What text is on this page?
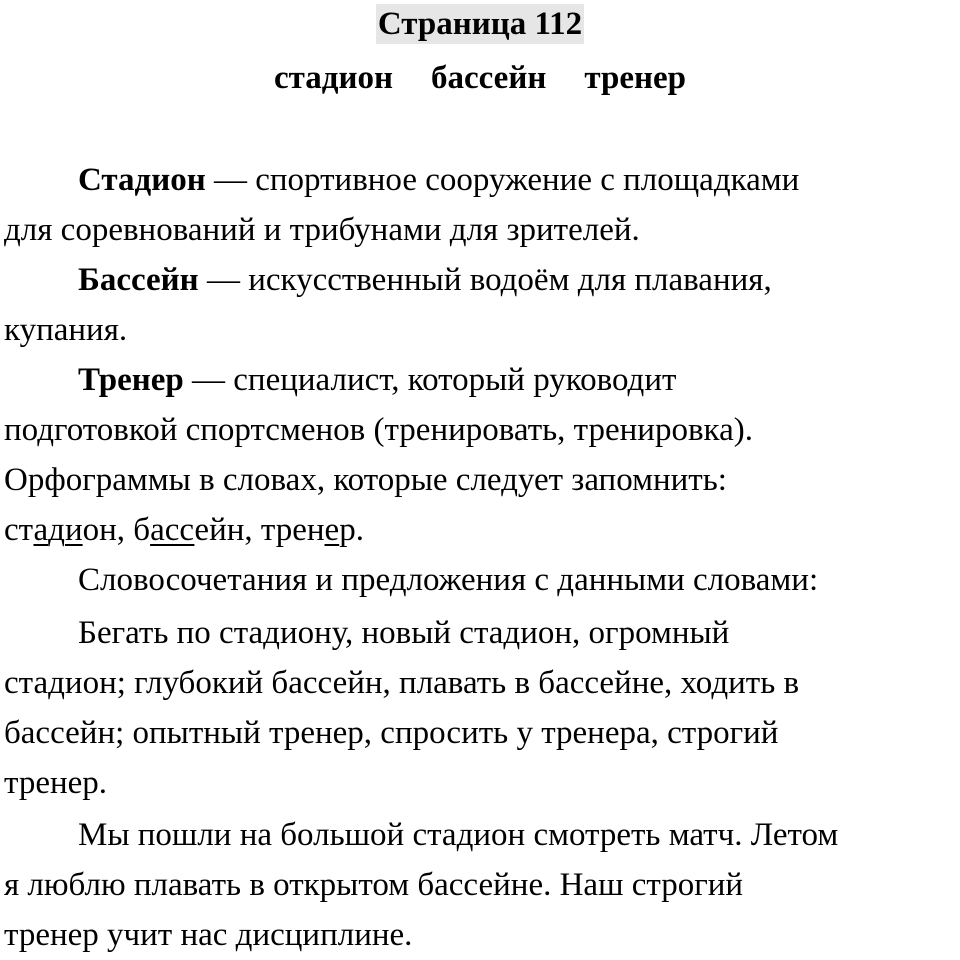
Страница 112
стадион бассейн тренер
Стадион — спортивное сооружение с площадками
для соревнований и трибунами для зрителей.
Бассейн — искусственный водоём для плавания,
купания.
Тренер — специалист, который руководит
подготовкой спортсменов (тренировать, тренировка).
Орфограммы в словах, которые следует запомнить:
стадион, бассейн, тренер.
Словосочетания и предложения с данными словами:
Бегать по стадиону, новый стадион, огромный
стадион; глубокий бассейн, плавать в бассейне, ходить в
бассейн; опытный тренер, спросить у тренера, строгий
тренер.
Мы пошли на большой стадион смотреть матч. Летом
я люблю плавать в открытом бассейне. Наш строгий
тренер учит нас дисциплине.
